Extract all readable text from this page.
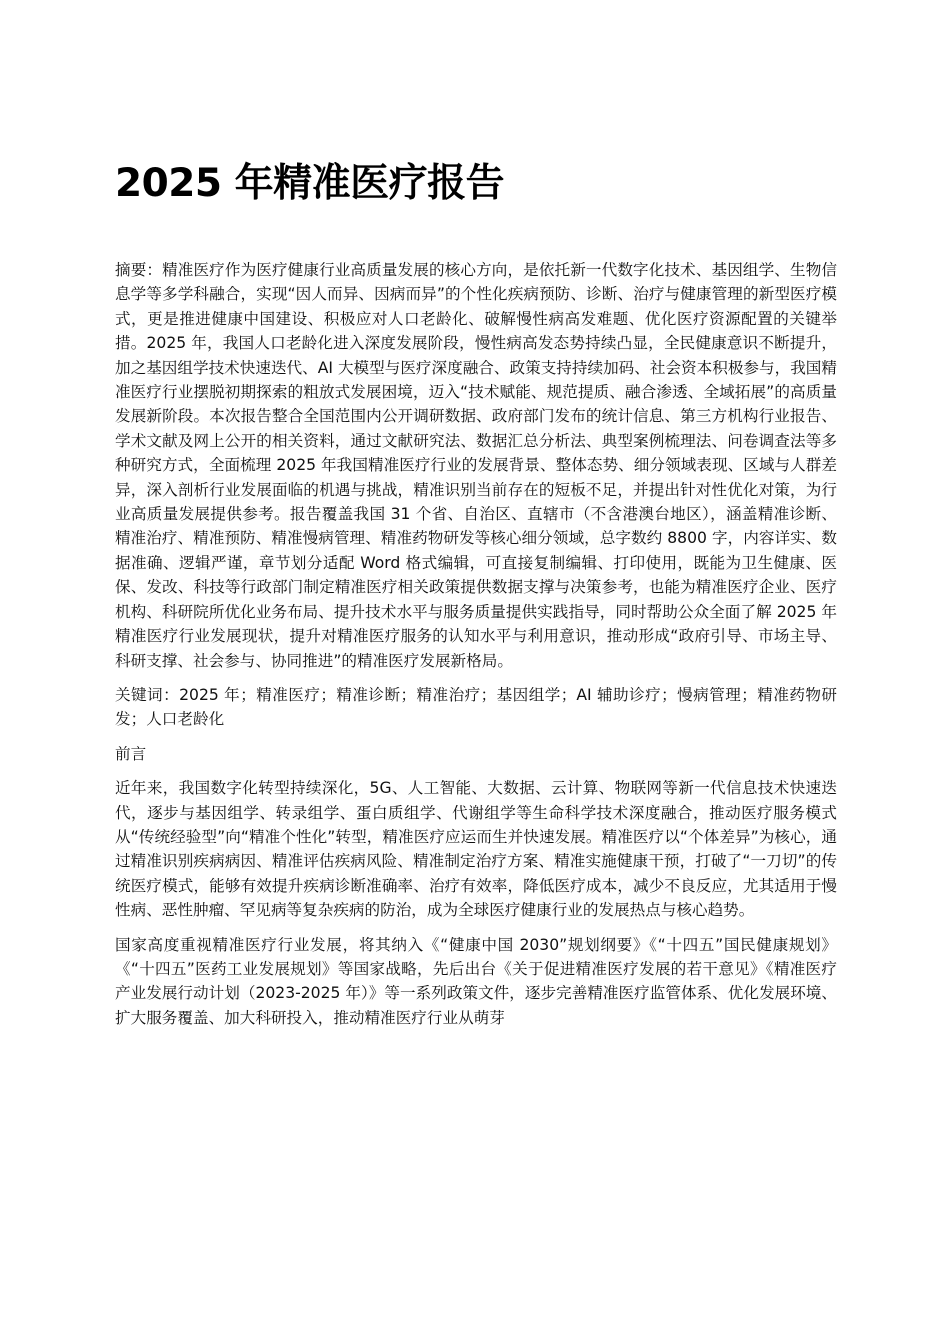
2025 年精准医疗报告

摘要：精准医疗作为医疗健康行业高质量发展的核心方向，是依托新一代数字化技术、基因组学、生物信息学等多学科融合，实现“因人而异、因病而异”的个性化疾病预防、诊断、治疗与健康管理的新型医疗模式，更是推进健康中国建设、积极应对人口老龄化、破解慢性病高发难题、优化医疗资源配置的关键举措。2025 年，我国人口老龄化进入深度发展阶段，慢性病高发态势持续凸显，全民健康意识不断提升，加之基因组学技术快速迭代、AI 大模型与医疗深度融合、政策支持持续加码、社会资本积极参与，我国精准医疗行业摆脱初期探索的粗放式发展困境，迈入“技术赋能、规范提质、融合渗透、全域拓展”的高质量发展新阶段。本次报告整合全国范围内公开调研数据、政府部门发布的统计信息、第三方机构行业报告、学术文献及网上公开的相关资料，通过文献研究法、数据汇总分析法、典型案例梳理法、问卷调查法等多种研究方式，全面梳理 2025 年我国精准医疗行业的发展背景、整体态势、细分领域表现、区域与人群差异，深入剖析行业发展面临的机遇与挑战，精准识别当前存在的短板不足，并提出针对性优化对策，为行业高质量发展提供参考。报告覆盖我国 31 个省、自治区、直辖市（不含港澳台地区），涵盖精准诊断、精准治疗、精准预防、精准慢病管理、精准药物研发等核心细分领域，总字数约 8800 字，内容详实、数据准确、逻辑严谨，章节划分适配 Word 格式编辑，可直接复制编辑、打印使用，既能为卫生健康、医保、发改、科技等行政部门制定精准医疗相关政策提供数据支撑与决策参考，也能为精准医疗企业、医疗机构、科研院所优化业务布局、提升技术水平与服务质量提供实践指导，同时帮助公众全面了解 2025 年精准医疗行业发展现状，提升对精准医疗服务的认知水平与利用意识，推动形成“政府引导、市场主导、科研支撑、社会参与、协同推进”的精准医疗发展新格局。

关键词：2025 年；精准医疗；精准诊断；精准治疗；基因组学；AI 辅助诊疗；慢病管理；精准药物研发；人口老龄化

前言

近年来，我国数字化转型持续深化，5G、人工智能、大数据、云计算、物联网等新一代信息技术快速迭代，逐步与基因组学、转录组学、蛋白质组学、代谢组学等生命科学技术深度融合，推动医疗服务模式从“传统经验型”向“精准个性化”转型，精准医疗应运而生并快速发展。精准医疗以“个体差异”为核心，通过精准识别疾病病因、精准评估疾病风险、精准制定治疗方案、精准实施健康干预，打破了“一刀切”的传统医疗模式，能够有效提升疾病诊断准确率、治疗有效率，降低医疗成本，减少不良反应，尤其适用于慢性病、恶性肿瘤、罕见病等复杂疾病的防治，成为全球医疗健康行业的发展热点与核心趋势。

国家高度重视精准医疗行业发展，将其纳入《“健康中国 2030”规划纲要》《“十四五”国民健康规划》《“十四五”医药工业发展规划》等国家战略，先后出台《关于促进精准医疗发展的若干意见》《精准医疗产业发展行动计划（2023-2025 年）》等一系列政策文件，逐步完善精准医疗监管体系、优化发展环境、扩大服务覆盖、加大科研投入，推动精准医疗行业从萌芽
